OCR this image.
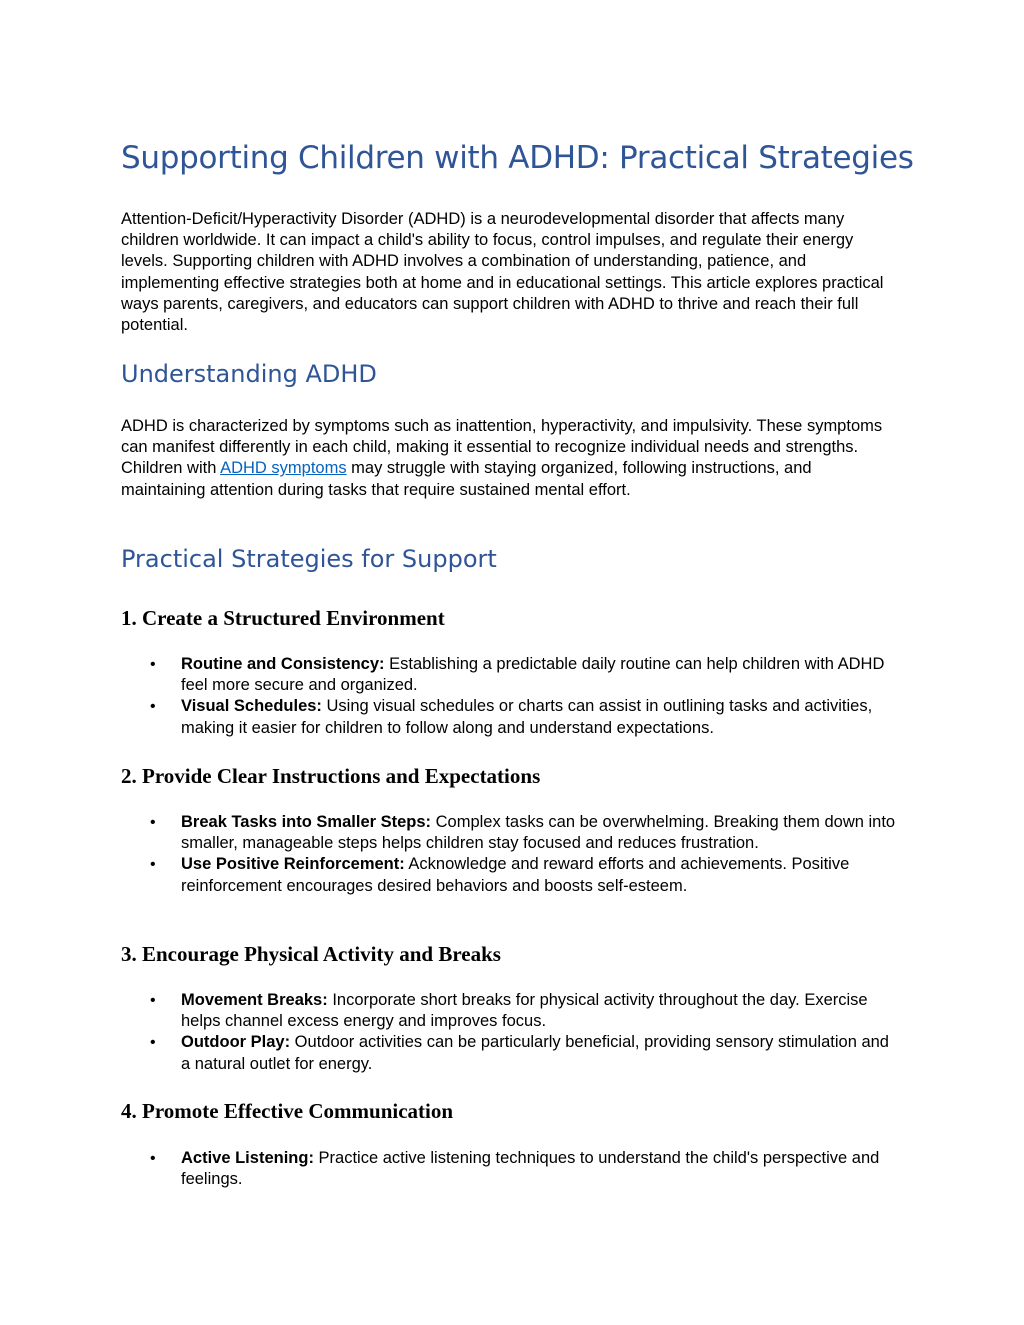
Supporting Children with ADHD: Practical Strategies

Attention-Deficit/Hyperactivity Disorder (ADHD) is a neurodevelopmental disorder that affects many children worldwide. It can impact a child's ability to focus, control impulses, and regulate their energy levels. Supporting children with ADHD involves a combination of understanding, patience, and implementing effective strategies both at home and in educational settings. This article explores practical ways parents, caregivers, and educators can support children with ADHD to thrive and reach their full potential.

Understanding ADHD

ADHD is characterized by symptoms such as inattention, hyperactivity, and impulsivity. These symptoms can manifest differently in each child, making it essential to recognize individual needs and strengths. Children with ADHD symptoms may struggle with staying organized, following instructions, and maintaining attention during tasks that require sustained mental effort.

Practical Strategies for Support
1. Create a Structured Environment
• Routine and Consistency: Establishing a predictable daily routine can help children with ADHD feel more secure and organized.
• Visual Schedules: Using visual schedules or charts can assist in outlining tasks and activities, making it easier for children to follow along and understand expectations.
2. Provide Clear Instructions and Expectations
• Break Tasks into Smaller Steps: Complex tasks can be overwhelming. Breaking them down into smaller, manageable steps helps children stay focused and reduces frustration.
• Use Positive Reinforcement: Acknowledge and reward efforts and achievements. Positive reinforcement encourages desired behaviors and boosts self-esteem.
3. Encourage Physical Activity and Breaks
• Movement Breaks: Incorporate short breaks for physical activity throughout the day. Exercise helps channel excess energy and improves focus.
• Outdoor Play: Outdoor activities can be particularly beneficial, providing sensory stimulation and a natural outlet for energy.
4. Promote Effective Communication
• Active Listening: Practice active listening techniques to understand the child's perspective and feelings.
